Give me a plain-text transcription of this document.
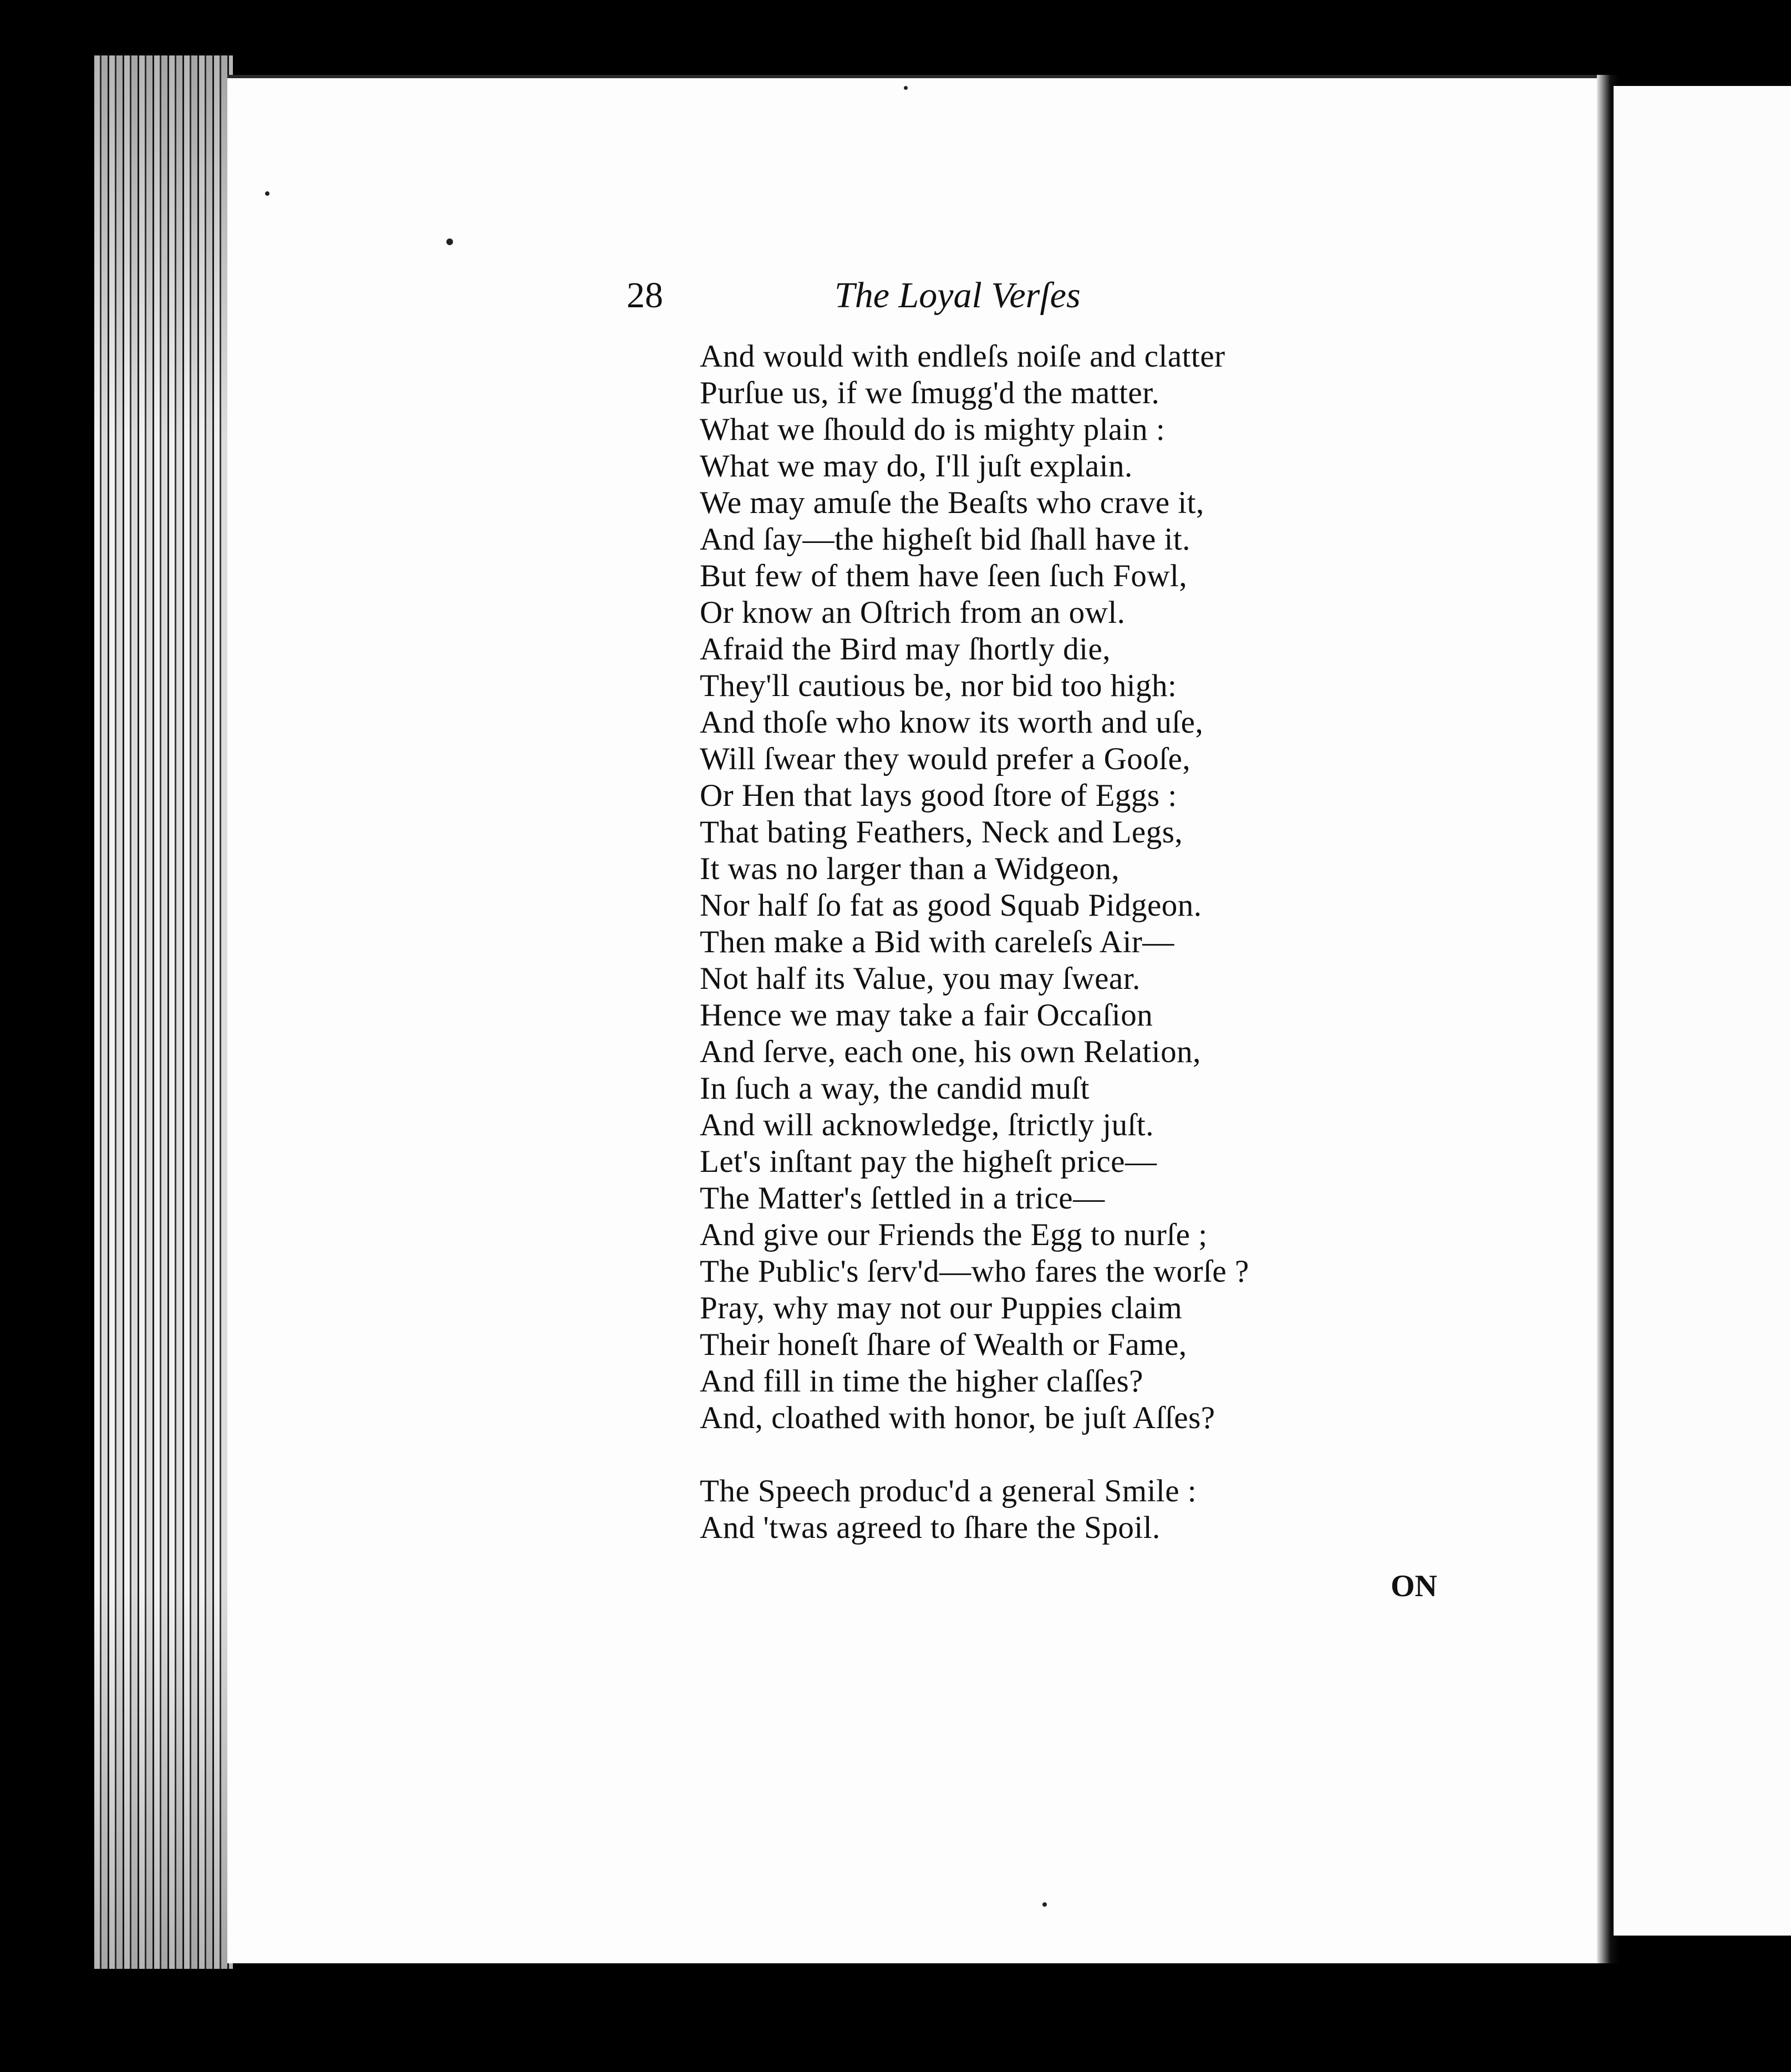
28	The Loyal Verſes
And would with endleſs noiſe and clatter
Purſue us, if we ſmugg'd the matter.
What we ſhould do is mighty plain :
What we may do, I'll juſt explain.
We may amuſe the Beaſts who crave it,
And ſay—the higheſt bid ſhall have it.
But few of them have ſeen ſuch Fowl,
Or know an Oſtrich from an owl.
Afraid the Bird may ſhortly die,
They'll cautious be, nor bid too high:
And thoſe who know its worth and uſe,
Will ſwear they would prefer a Gooſe,
Or Hen that lays good ſtore of Eggs :
That bating Feathers, Neck and Legs,
It was no larger than a Widgeon,
Nor half ſo fat as good Squab Pidgeon.
Then make a Bid with careleſs Air—
Not half its Value, you may ſwear.
Hence we may take a fair Occaſion
And ſerve, each one, his own Relation,
In ſuch a way, the candid muſt
And will acknowledge, ſtrictly juſt.
Let's inſtant pay the higheſt price—
The Matter's ſettled in a trice—
And give our Friends the Egg to nurſe ;
The Public's ſerv'd—who fares the worſe ?
Pray, why may not our Puppies claim
Their honeſt ſhare of Wealth or Fame,
And fill in time the higher claſſes?
And, cloathed with honor, be juſt Aſſes?
The Speech produc'd a general Smile :
And 'twas agreed to ſhare the Spoil.
ON
